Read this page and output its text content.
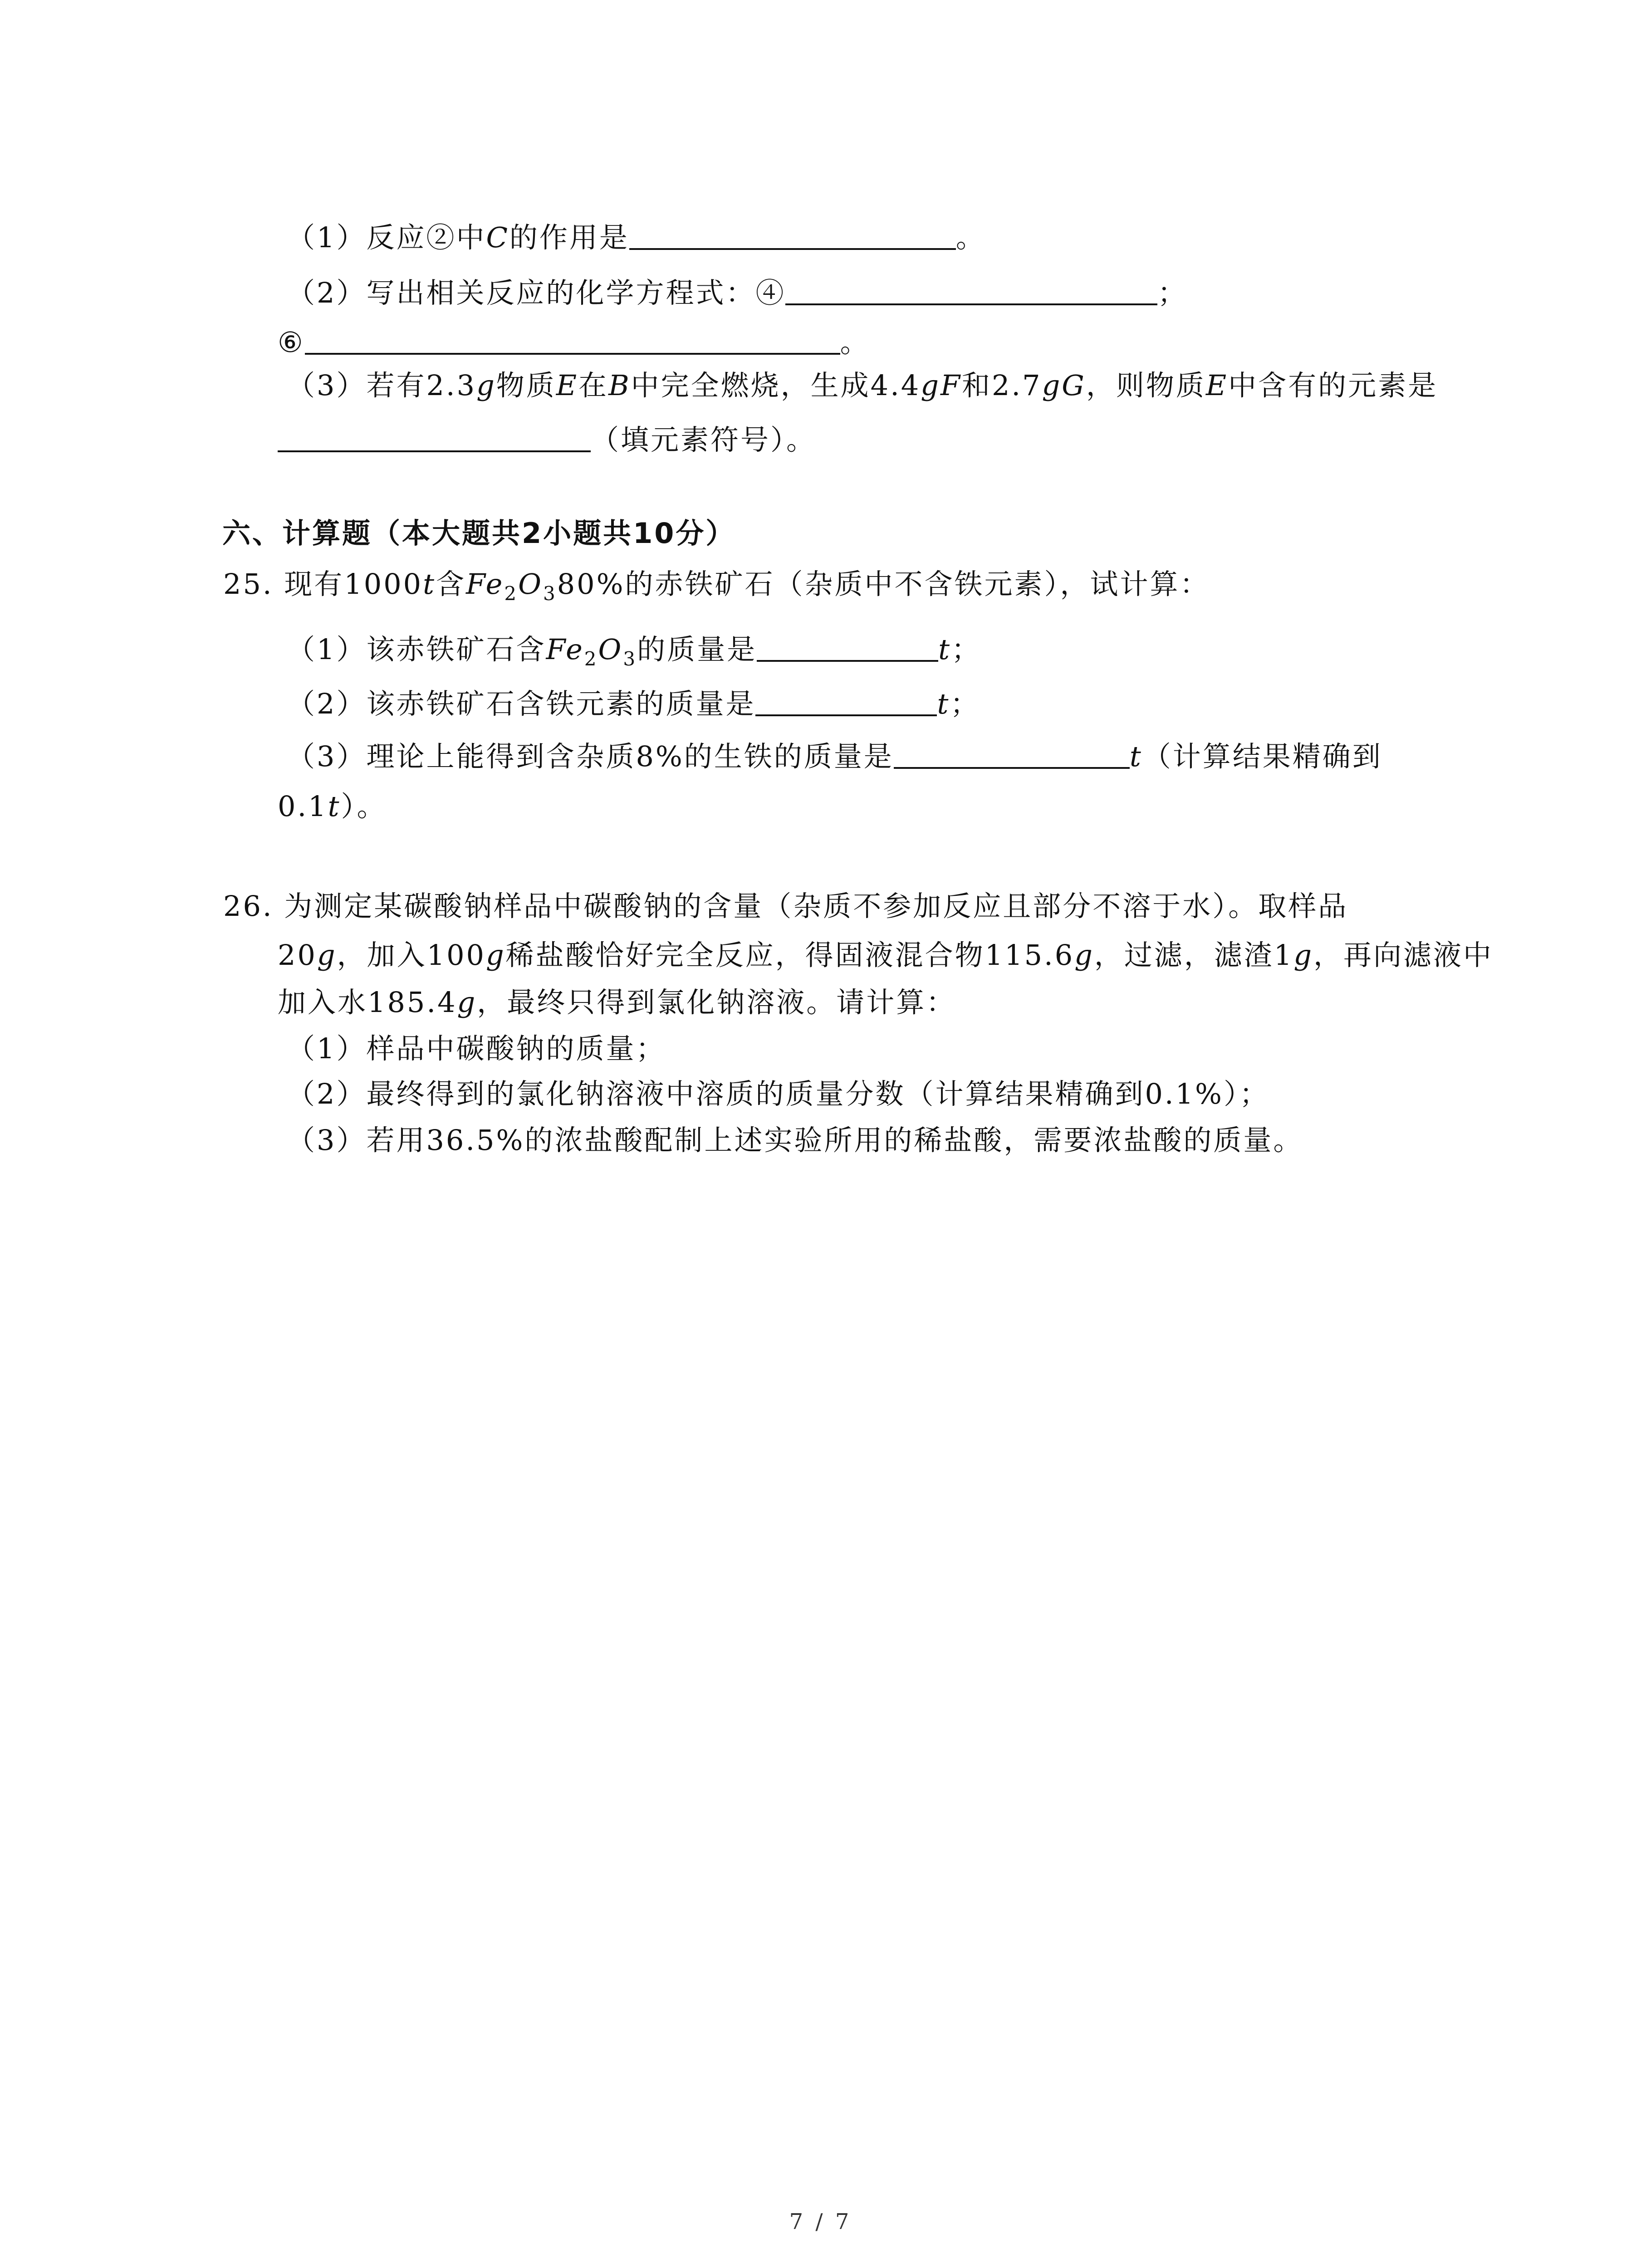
（1）反应②中C的作用是	。
（2）写出相关反应的化学方程式：④	；
⑥	。
（3）若有2.3g物质E在B中完全燃烧，生成4.4gF和2.7gG，则物质E中含有的元素是
（填元素符号）。
六、计算题（本大题共2小题共10分）
25. 现有1000t含$Fe_2O_380\%$的赤铁矿石（杂质中不含铁元素），试计算：
（1）该赤铁矿石含$Fe_2O_3$的质量是	t；
（2）该赤铁矿石含铁元素的质量是	t；
（3）理论上能得到含杂质8%的生铁的质量是	t（计算结果精确到
0.1t）。
26. 为测定某碳酸钠样品中碳酸钠的含量（杂质不参加反应且部分不溶于水）。取样品
20g，加入100g稀盐酸恰好完全反应，得固液混合物115.6g，过滤，滤渣1g，再向滤液中
加入水185.4g，最终只得到氯化钠溶液。请计算：
（1）样品中碳酸钠的质量；
（2）最终得到的氯化钠溶液中溶质的质量分数（计算结果精确到0.1%）；
（3）若用36.5%的浓盐酸配制上述实验所用的稀盐酸，需要浓盐酸的质量。
7 / 7
